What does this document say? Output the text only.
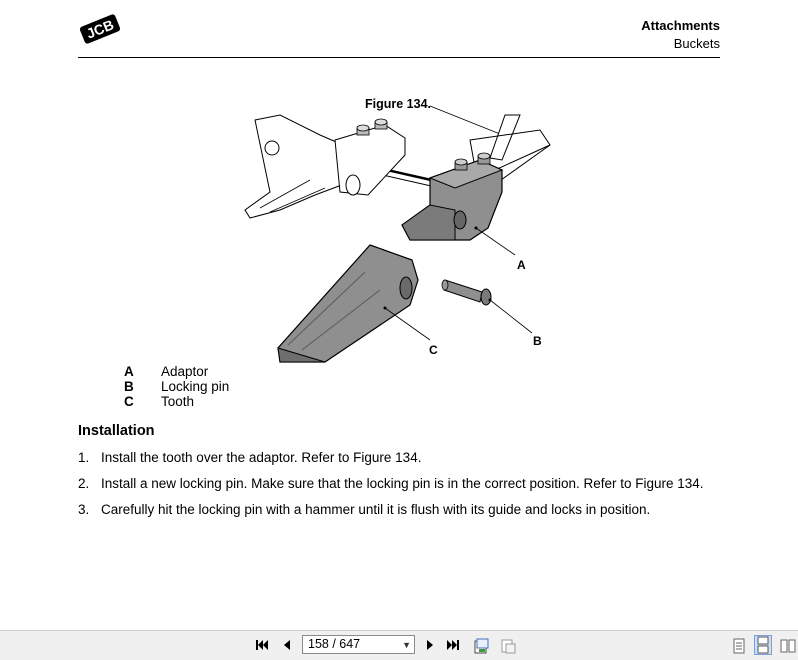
JCB	Attachments
Buckets
Figure 134.
A
B
C
A	Adaptor
B	Locking pin
C	Tooth
Installation
1. Install the tooth over the adaptor. Refer to Figure 134.
2. Install a new locking pin. Make sure that the locking pin is in the correct position. Refer to Figure 134.
3. Carefully hit the locking pin with a hammer until it is flush with its guide and locks in position.
158 / 647	▼
